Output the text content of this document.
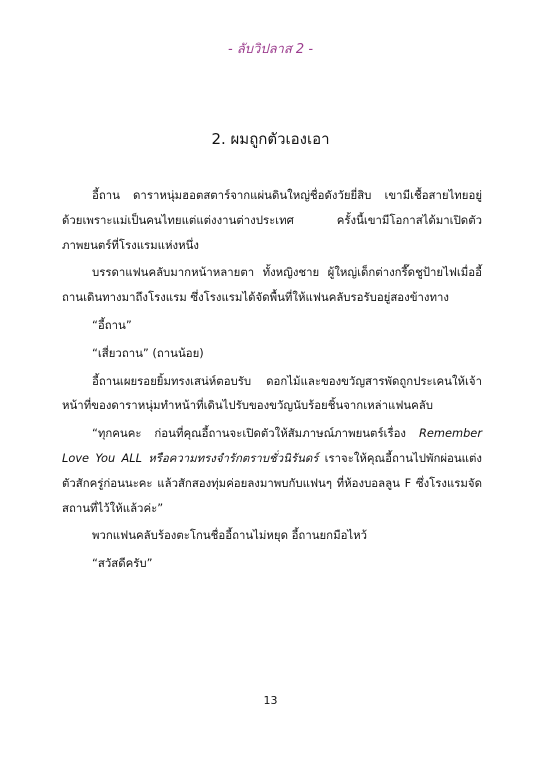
- ลับวิปลาส 2 -
2. ผมถูกตัวเองเอา

อี้ถาน ดาราหนุ่มฮอตสตาร์จากแผ่นดินใหญ่ชื่อดังวัยยี่สิบ เขามีเชื้อสายไทยอยู่ด้วยเพราะแม่เป็นคนไทยแต่แต่งงานต่างประเทศ ครั้งนี้เขามีโอกาสได้มาเปิดตัวภาพยนตร์ที่โรงแรมแห่งหนึ่ง

บรรดาแฟนคลับมากหน้าหลายตา ทั้งหญิงชาย ผู้ใหญ่เด็กต่างกรี๊ดชูป้ายไฟเมื่ออี้ถานเดินทางมาถึงโรงแรม ซึ่งโรงแรมได้จัดพื้นที่ให้แฟนคลับรอรับอยู่สองข้างทาง

“อี้ถาน”

“เสี่ยวถาน” (ถานน้อย)

อี้ถานเผยรอยยิ้มทรงเสน่ห์ตอบรับ ดอกไม้และของขวัญสารพัดถูกประเคนให้เจ้าหน้าที่ของดาราหนุ่มทำหน้าที่เดินไปรับของขวัญนับร้อยชิ้นจากเหล่าแฟนคลับ

“ทุกคนคะ ก่อนที่คุณอี้ถานจะเปิดตัวให้สัมภาษณ์ภาพยนตร์เรื่อง Remember Love You ALL หรือความทรงจำรักตราบชั่วนิรันดร์ เราจะให้คุณอี้ถานไปพักผ่อนแต่งตัวสักครู่ก่อนนะคะ แล้วสักสองทุ่มค่อยลงมาพบกับแฟนๆ ที่ห้องบอลลูน F ซึ่งโรงแรมจัดสถานที่ไว้ให้แล้วค่ะ”

พวกแฟนคลับร้องตะโกนชื่ออี้ถานไม่หยุด อี้ถานยกมือไหว้

“สวัสดีครับ”

13
